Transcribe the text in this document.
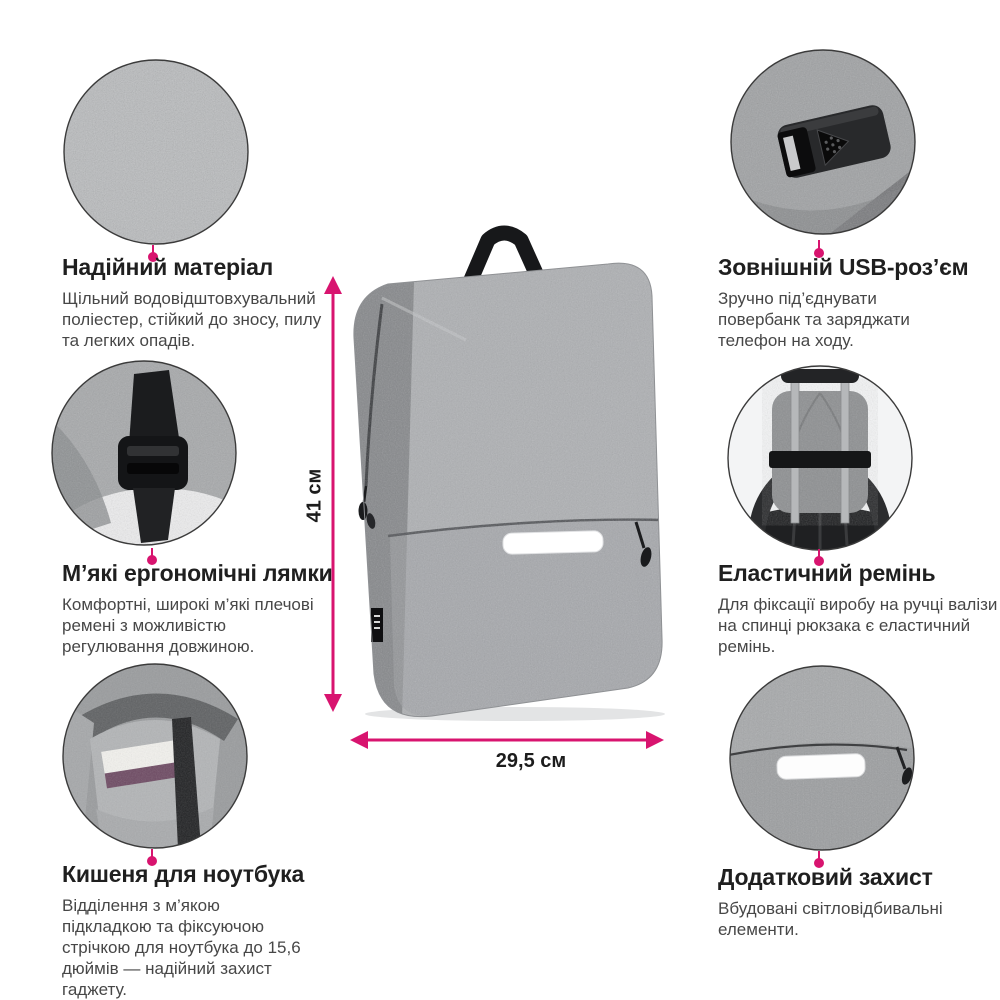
41 см
29,5 см

Надійний матеріал

Щільний водовідштовхувальний поліестер, стійкий до зносу, пилу та легких опадів.

М’які ергономічні лямки

Комфортні, широкі м’які плечові ремені з можливістю регулювання довжиною.

Кишеня для ноутбука

Відділення з м’якою підкладкою та фіксуючою стрічкою для ноутбука до 15,6 дюймів — надійний захист гаджету.

Зовнішній USB-роз’єм

Зручно під’єднувати повербанк та заряджати телефон на ходу.

Еластичний ремінь

Для фіксації виробу на ручці валізи на спинці рюкзака є еластичний ремінь.

Додатковий захист

Вбудовані світловідбивальні елементи.
